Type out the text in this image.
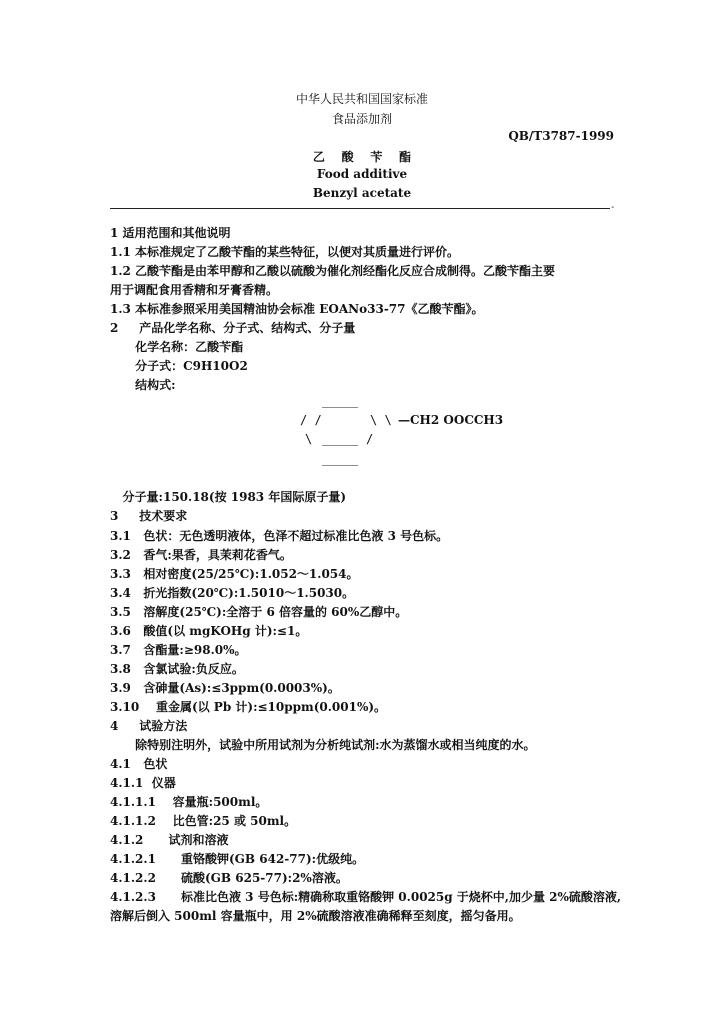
中华人民共和国国家标准
食品添加剂
QB/T3787-1999
乙    酸    苄    酯
Food additive
Benzyl acetate
-
1 适用范围和其他说明
1.1 本标准规定了乙酸苄酯的某些特征，以便对其质量进行评价。
1.2 乙酸苄酯是由苯甲醇和乙酸以硫酸为催化剂经酯化反应合成制得。乙酸苄酯主要
用于调配食用香精和牙膏香精。
1.3 本标准参照采用美国精油协会标准 EOANo33-77《乙酸苄酯》。
2     产品化学名称、分子式、结构式、分子量
化学名称：乙酸苄酯
分子式：C9H10O2
结构式:
_____
/ /	\ \ —CH2 OOCCH3
\ _____ /
_____
分子量:150.18(按 1983 年国际原子量)
3     技术要求
3.1   色状：无色透明液体，色泽不超过标准比色液 3 号色标。
3.2   香气:果香，具茉莉花香气。
3.3   相对密度(25/25℃):1.052～1.054。
3.4   折光指数(20℃):1.5010～1.5030。
3.5   溶解度(25℃):全溶于 6 倍容量的 60%乙醇中。
3.6   酸值(以 mgKOHg 计):≤1。
3.7   含酯量:≥98.0%。
3.8   含氯试验:负反应。
3.9   含砷量(As):≤3ppm(0.0003%)。
3.10    重金属(以 Pb 计):≤10ppm(0.001%)。
4     试验方法
除特别注明外，试验中所用试剂为分析纯试剂:水为蒸馏水或相当纯度的水。
4.1   色状
4.1.1  仪器
4.1.1.1    容量瓶:500ml。
4.1.1.2    比色管:25 或 50ml。
4.1.2      试剂和溶液
4.1.2.1      重铬酸钾(GB 642-77):优级纯。
4.1.2.2      硫酸(GB 625-77):2%溶液。
4.1.2.3      标准比色液 3 号色标:精确称取重铬酸钾 0.0025g 于烧杯中,加少量 2%硫酸溶液,
溶解后倒入 500ml 容量瓶中，用 2%硫酸溶液准确稀释至刻度，摇匀备用。
